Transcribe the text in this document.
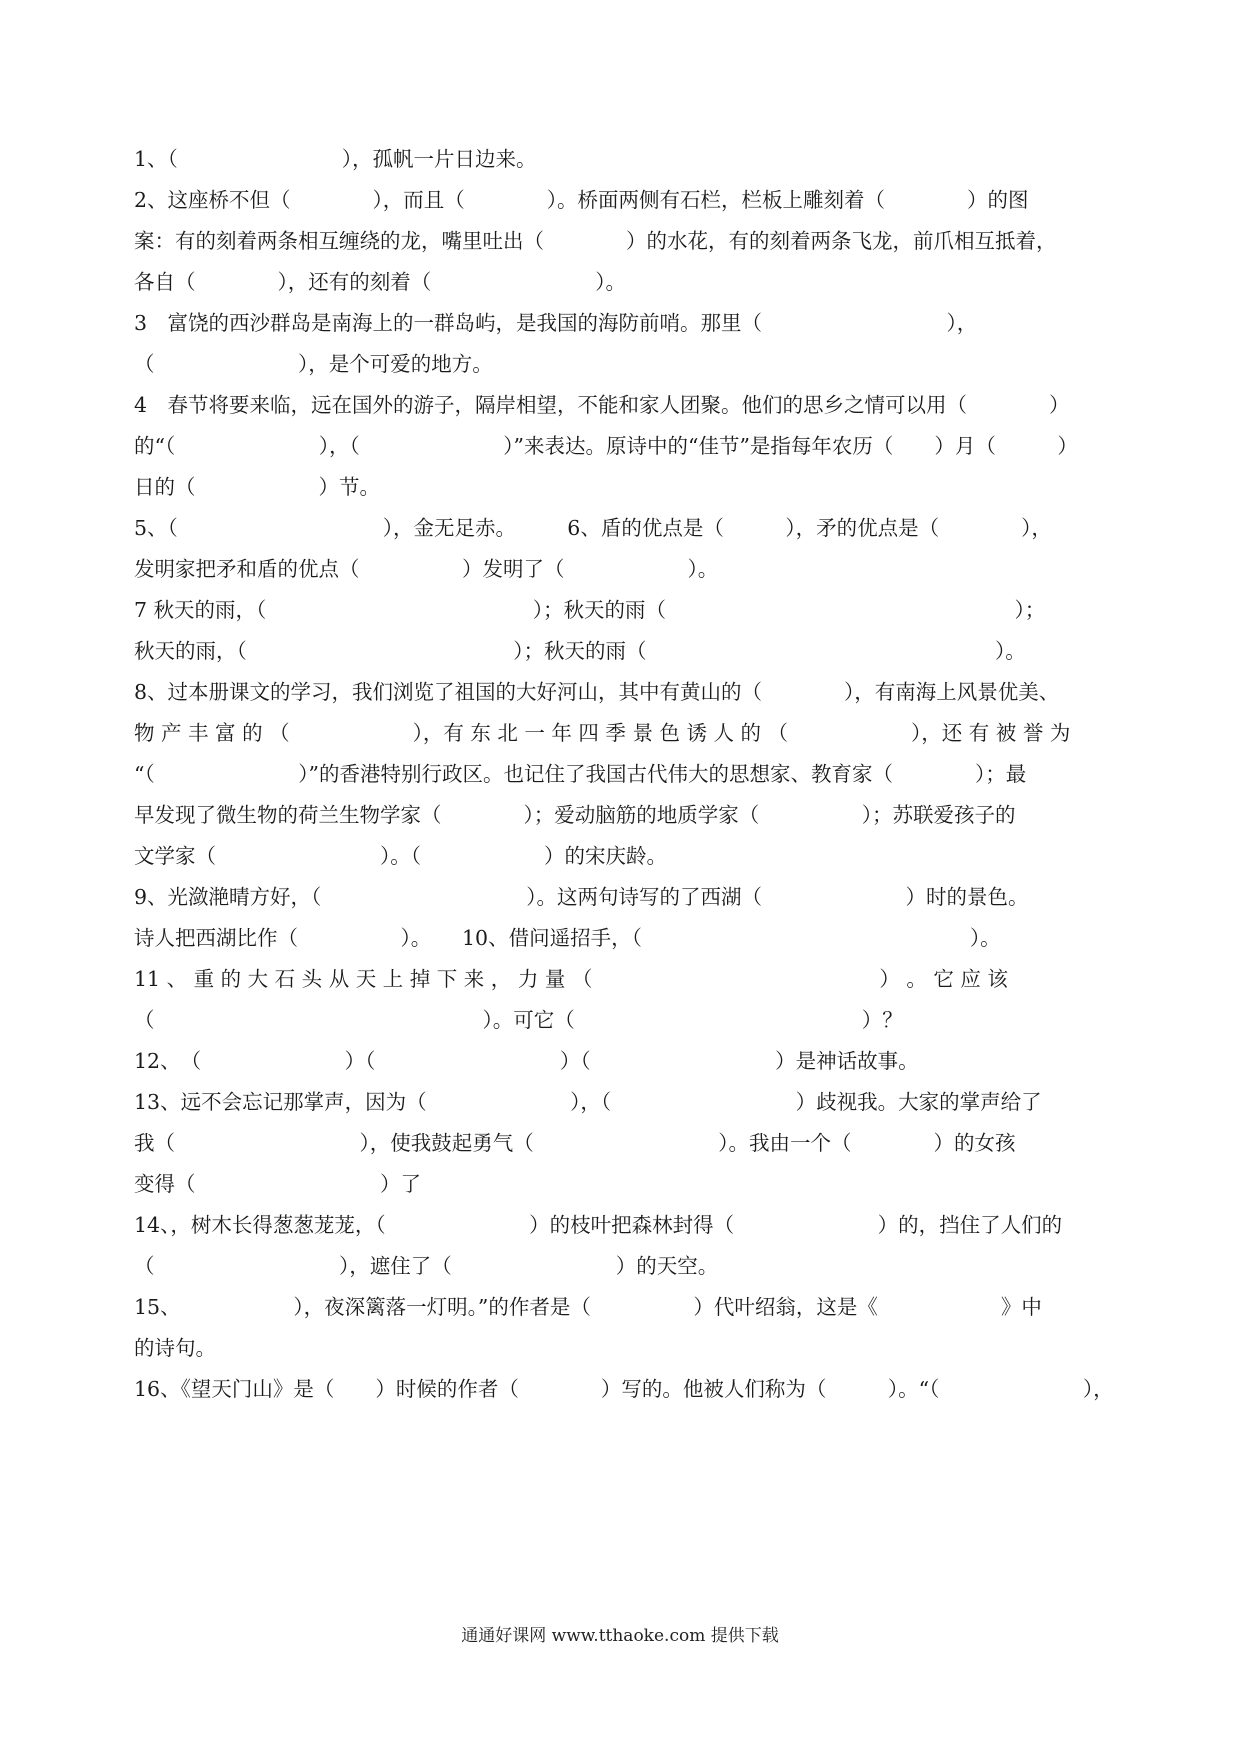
1、（　　　　　　　　），孤帆一片日边来。
2、这座桥不但（　　　　），而且（　　　　）。桥面两侧有石栏，栏板上雕刻着（　　　　）的图
案：有的刻着两条相互缠绕的龙，嘴里吐出（　　　　）的水花，有的刻着两条飞龙，前爪相互抵着，
各自（　　　　），还有的刻着（　　　　　　　　）。
3　富饶的西沙群岛是南海上的一群岛屿，是我国的海防前哨。那里（　　　　　　　　　），
（　　　　　　　），是个可爱的地方。
4　春节将要来临，远在国外的游子，隔岸相望，不能和家人团聚。他们的思乡之情可以用（　　　　）
的“（　　　　　　　），（　　　　　　　）”来表达。原诗中的“佳节”是指每年农历（　　）月（　　　）
日的（　　　　　　）节。
5、（　　　　　　　　　　），金无足赤。　　　6、盾的优点是（　　　），矛的优点是（　　　　），
发明家把矛和盾的优点（　　　　　）发明了（　　　　　　）。
7 秋天的雨，（　　　　　　　　　　　　　）；秋天的雨（　　　　　　　　　　　　　　　　　）；
秋天的雨，（　　　　　　　　　　　　　）；秋天的雨（　　　　　　　　　　　　　　　　　）。
8、过本册课文的学习，我们浏览了祖国的大好河山，其中有黄山的（　　　　），有南海上风景优美、
物 产 丰 富 的 （　　　　　　），有 东 北 一 年 四 季 景 色 诱 人 的 （　　　　　　），还 有 被 誉 为
“（　　　　　　　）”的香港特别行政区。也记住了我国古代伟大的思想家、教育家（　　　　）；最
早发现了微生物的荷兰生物学家（　　　　）；爱动脑筋的地质学家（　　　　　）；苏联爱孩子的
文学家（　　　　　　　　）。（　　　　　　）的宋庆龄。
9、光潋滟晴方好，（　　　　　　　　　　）。这两句诗写的了西湖（　　　　　　　）时的景色。
诗人把西湖比作（　　　　　）。　　10、借问遥招手，（　　　　　　　　　　　　　　　　）。
11 、 重 的 大 石 头 从 天 上 掉 下 来 ， 力 量 （　　　　　　　　　　　　　　） 。 它 应 该
（　　　　　　　　　　　　　　　　）。可它（　　　　　　　　　　　　　　）？
12、　（　　　　　　　）（　　　　　　　　　）（　　　　　　　　　）是神话故事。
13、远不会忘记那掌声，因为（　　　　　　　），（　　　　　　　　　）歧视我。大家的掌声给了
我（　　　　　　　　　），使我鼓起勇气（　　　　　　　　　）。我由一个（　　　　）的女孩
变得（　　　　　　　　　）了
14、，树木长得葱葱茏茏，（　　　　　　　）的枝叶把森林封得（　　　　　　　）的，挡住了人们的
（　　　　　　　　　），遮住了（　　　　　　　　）的天空。
15、　　　　　　），夜深篱落一灯明。”的作者是（　　　　　）代叶绍翁，这是《　　　　　　》中
的诗句。
16、《望天门山》是（　　）时候的作者（　　　　）写的。他被人们称为（　　　）。“（　　　　　　　），
通通好课网 www.tthaoke.com 提供下载
